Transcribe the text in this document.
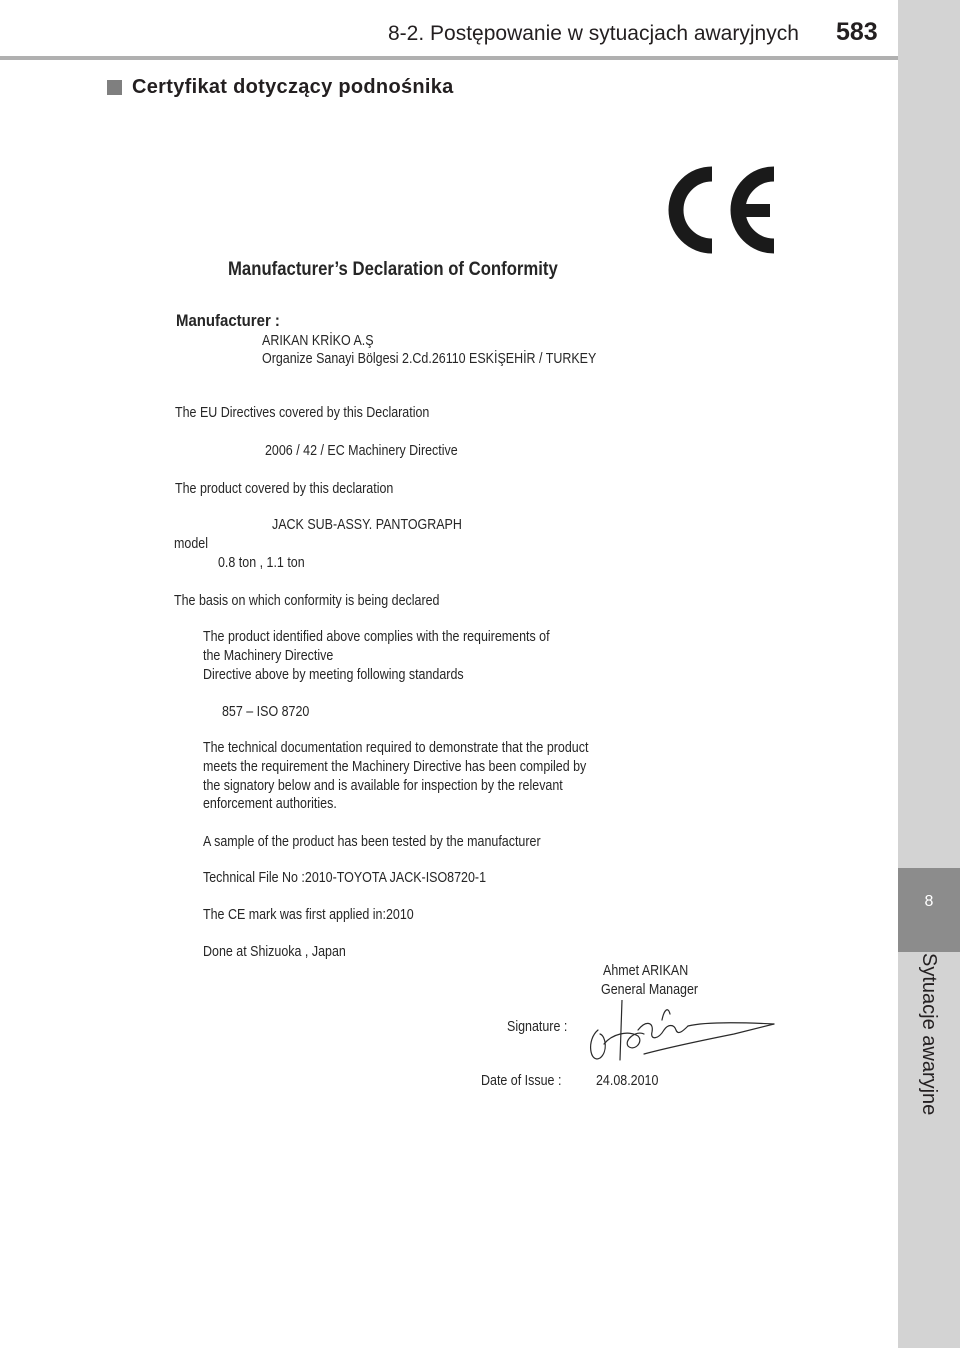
8-2. Postępowanie w sytuacjach awaryjnych 583
8
Sytuacje awaryjne
Certyfikat dotyczący podnośnika
Manufacturer’s Declaration of Conformity
Manufacturer :
ARIKAN KRİKO A.Ş
Organize Sanayi Bölgesi 2.Cd.26110 ESKİŞEHİR / TURKEY
The EU Directives covered by this Declaration
2006 / 42 / EC Machinery Directive
The product covered by this declaration
JACK SUB-ASSY. PANTOGRAPH
model
0.8 ton , 1.1 ton
The basis on which conformity is being declared
The product identified above complies with the requirements of
the Machinery Directive
Directive above by meeting following standards
857 – ISO 8720
The technical documentation required to demonstrate that the product
meets the requirement the Machinery Directive has been compiled by
the signatory below and is available for inspection by the relevant
enforcement authorities.
A sample of the product has been tested by the manufacturer
Technical File No :2010-TOYOTA JACK-ISO8720-1
The CE mark was first applied in:2010
Done at Shizuoka , Japan
Ahmet ARIKAN
General Manager
Signature :
Date of Issue : 24.08.2010
